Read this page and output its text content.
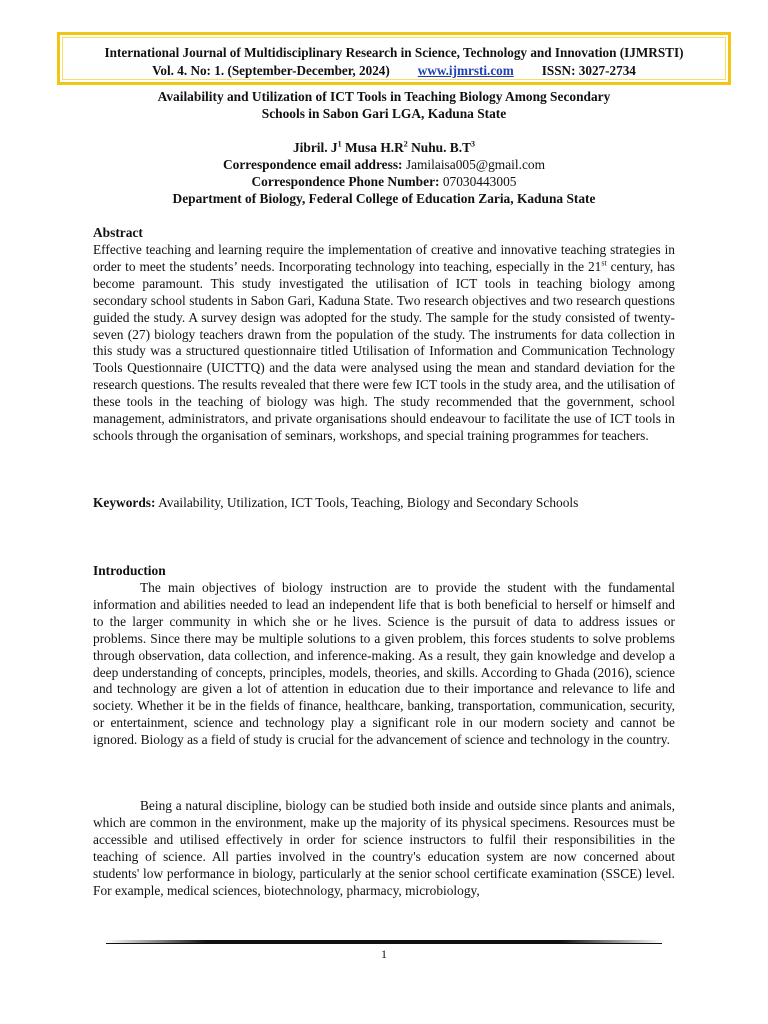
International Journal of Multidisciplinary Research in Science, Technology and Innovation (IJMRSTI)
Vol. 4. No: 1. (September-December, 2024) www.ijmrsti.com ISSN: 3027-2734
Availability and Utilization of ICT Tools in Teaching Biology Among Secondary
Schools in Sabon Gari LGA, Kaduna State
Jibril. $J^1$ Musa $H.R^2$ Nuhu. $B.T^3$
Correspondence email address: Jamilaisa005@gmail.com
Correspondence Phone Number: 07030443005
Department of Biology, Federal College of Education Zaria, Kaduna State
Abstract

Effective teaching and learning require the implementation of creative and innovative teaching strategies in order to meet the students’ needs. Incorporating technology into teaching, especially in the 21st century, has become paramount. This study investigated the utilisation of ICT tools in teaching biology among secondary school students in Sabon Gari, Kaduna State. Two research objectives and two research questions guided the study. A survey design was adopted for the study. The sample for the study consisted of twenty-seven (27) biology teachers drawn from the population of the study. The instruments for data collection in this study was a structured questionnaire titled Utilisation of Information and Communication Technology Tools Questionnaire (UICTTQ) and the data were analysed using the mean and standard deviation for the research questions. The results revealed that there were few ICT tools in the study area, and the utilisation of these tools in the teaching of biology was high. The study recommended that the government, school management, administrators, and private organisations should endeavour to facilitate the use of ICT tools in schools through the organisation of seminars, workshops, and special training programmes for teachers.

Keywords: Availability, Utilization, ICT Tools, Teaching, Biology and Secondary Schools

Introduction

The main objectives of biology instruction are to provide the student with the fundamental information and abilities needed to lead an independent life that is both beneficial to herself or himself and to the larger community in which she or he lives. Science is the pursuit of data to address issues or problems. Since there may be multiple solutions to a given problem, this forces students to solve problems through observation, data collection, and inference-making. As a result, they gain knowledge and develop a deep understanding of concepts, principles, models, theories, and skills. According to Ghada (2016), science and technology are given a lot of attention in education due to their importance and relevance to life and society. Whether it be in the fields of finance, healthcare, banking, transportation, communication, security, or entertainment, science and technology play a significant role in our modern society and cannot be ignored. Biology as a field of study is crucial for the advancement of science and technology in the country.

Being a natural discipline, biology can be studied both inside and outside since plants and animals, which are common in the environment, make up the majority of its physical specimens. Resources must be accessible and utilised effectively in order for science instructors to fulfil their responsibilities in the teaching of science. All parties involved in the country's education system are now concerned about students' low performance in biology, particularly at the senior school certificate examination (SSCE) level. For example, medical sciences, biotechnology, pharmacy, microbiology,

1
